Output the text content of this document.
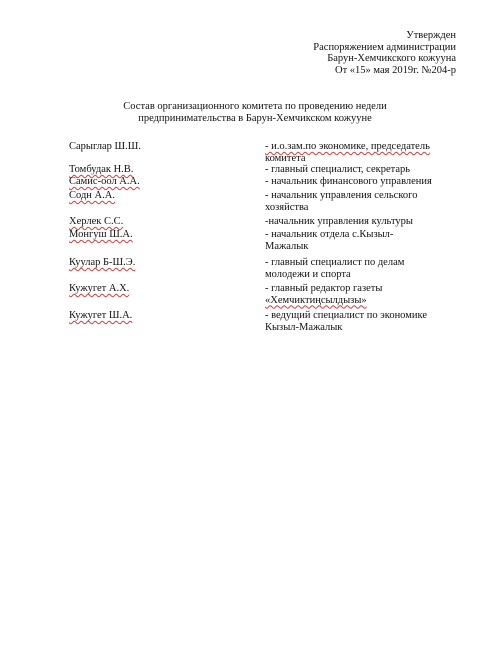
Утвержден
Распоряжением администрации
Барун-Хемчикского кожууна
От «15» мая 2019г. №204-р
Состав организационного комитета по проведению недели
предпринимательства в Барун-Хемчикском кожууне
Сарыглар Ш.Ш.	- и.о.зам.по экономике, председатель
комитета
Томбудак Н.В.	- главный специалист, секретарь
Самис-оол А.А.	- начальник финансового управления
Содн А.А.	- начальник управления сельского
хозяйства
Херлек С.С.	-начальник управления культуры
Монгуш Ш.А.	- начальник отдела с.Кызыл-
Мажалык
Куулар Б-Ш.Э.	- главный специалист по делам
молодежи и спорта
Кужугет А.Х.	- главный редактор газеты
«Хемчиктиңсылдызы»
Кужугет Ш.А.	- ведущий специалист по экономике
Кызыл-Мажалык
